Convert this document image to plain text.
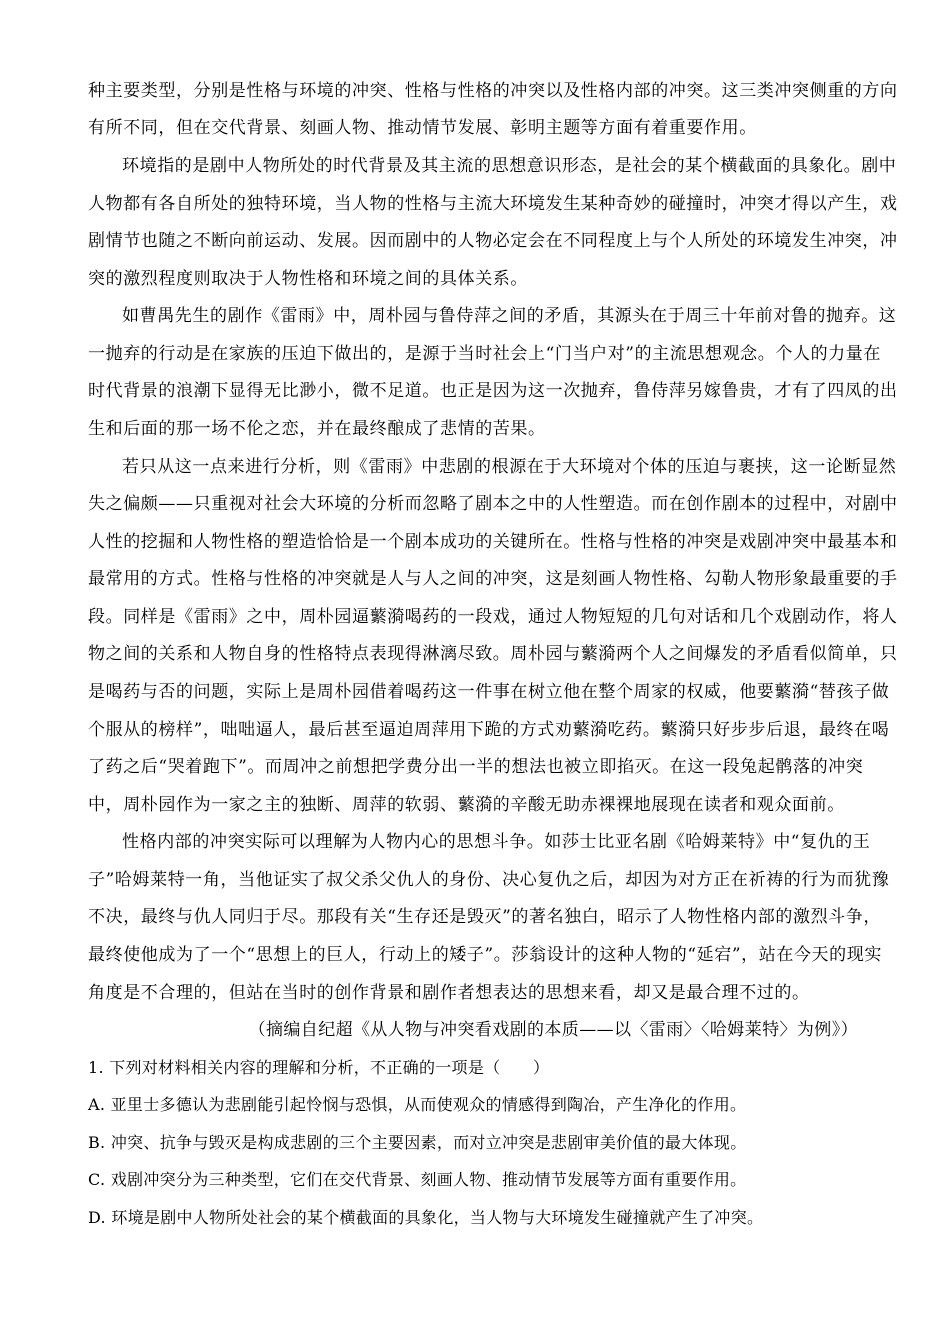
种主要类型，分别是性格与环境的冲突、性格与性格的冲突以及性格内部的冲突。这三类冲突侧重的方向
有所不同，但在交代背景、刻画人物、推动情节发展、彰明主题等方面有着重要作用。
环境指的是剧中人物所处的时代背景及其主流的思想意识形态，是社会的某个横截面的具象化。剧中
人物都有各自所处的独特环境，当人物的性格与主流大环境发生某种奇妙的碰撞时，冲突才得以产生，戏
剧情节也随之不断向前运动、发展。因而剧中的人物必定会在不同程度上与个人所处的环境发生冲突，冲
突的激烈程度则取决于人物性格和环境之间的具体关系。
如曹禺先生的剧作《雷雨》中，周朴园与鲁侍萍之间的矛盾，其源头在于周三十年前对鲁的抛弃。这
一抛弃的行动是在家族的压迫下做出的，是源于当时社会上“门当户对”的主流思想观念。个人的力量在
时代背景的浪潮下显得无比渺小，微不足道。也正是因为这一次抛弃，鲁侍萍另嫁鲁贵，才有了四凤的出
生和后面的那一场不伦之恋，并在最终酿成了悲情的苦果。
若只从这一点来进行分析，则《雷雨》中悲剧的根源在于大环境对个体的压迫与裹挟，这一论断显然
失之偏颇——只重视对社会大环境的分析而忽略了剧本之中的人性塑造。而在创作剧本的过程中，对剧中
人性的挖掘和人物性格的塑造恰恰是一个剧本成功的关键所在。性格与性格的冲突是戏剧冲突中最基本和
最常用的方式。性格与性格的冲突就是人与人之间的冲突，这是刻画人物性格、勾勒人物形象最重要的手
段。同样是《雷雨》之中，周朴园逼蘩漪喝药的一段戏，通过人物短短的几句对话和几个戏剧动作，将人
物之间的关系和人物自身的性格特点表现得淋漓尽致。周朴园与蘩漪两个人之间爆发的矛盾看似简单，只
是喝药与否的问题，实际上是周朴园借着喝药这一件事在树立他在整个周家的权威，他要蘩漪“替孩子做
个服从的榜样”，咄咄逼人，最后甚至逼迫周萍用下跪的方式劝蘩漪吃药。蘩漪只好步步后退，最终在喝
了药之后“哭着跑下”。而周冲之前想把学费分出一半的想法也被立即掐灭。在这一段兔起鹘落的冲突
中，周朴园作为一家之主的独断、周萍的软弱、蘩漪的辛酸无助赤裸裸地展现在读者和观众面前。
性格内部的冲突实际可以理解为人物内心的思想斗争。如莎士比亚名剧《哈姆莱特》中“复仇的王
子”哈姆莱特一角，当他证实了叔父杀父仇人的身份、决心复仇之后，却因为对方正在祈祷的行为而犹豫
不决，最终与仇人同归于尽。那段有关“生存还是毁灭”的著名独白，昭示了人物性格内部的激烈斗争，
最终使他成为了一个“思想上的巨人，行动上的矮子”。莎翁设计的这种人物的“延宕”，站在今天的现实
角度是不合理的，但站在当时的创作背景和剧作者想表达的思想来看，却又是最合理不过的。
（摘编自纪超《从人物与冲突看戏剧的本质——以〈雷雨〉〈哈姆莱特〉为例》）
1. 下列对材料相关内容的理解和分析，不正确的一项是（　　）
A. 亚里士多德认为悲剧能引起怜悯与恐惧，从而使观众的情感得到陶冶，产生净化的作用。
B. 冲突、抗争与毁灭是构成悲剧的三个主要因素，而对立冲突是悲剧审美价值的最大体现。
C. 戏剧冲突分为三种类型，它们在交代背景、刻画人物、推动情节发展等方面有重要作用。
D. 环境是剧中人物所处社会的某个横截面的具象化，当人物与大环境发生碰撞就产生了冲突。
